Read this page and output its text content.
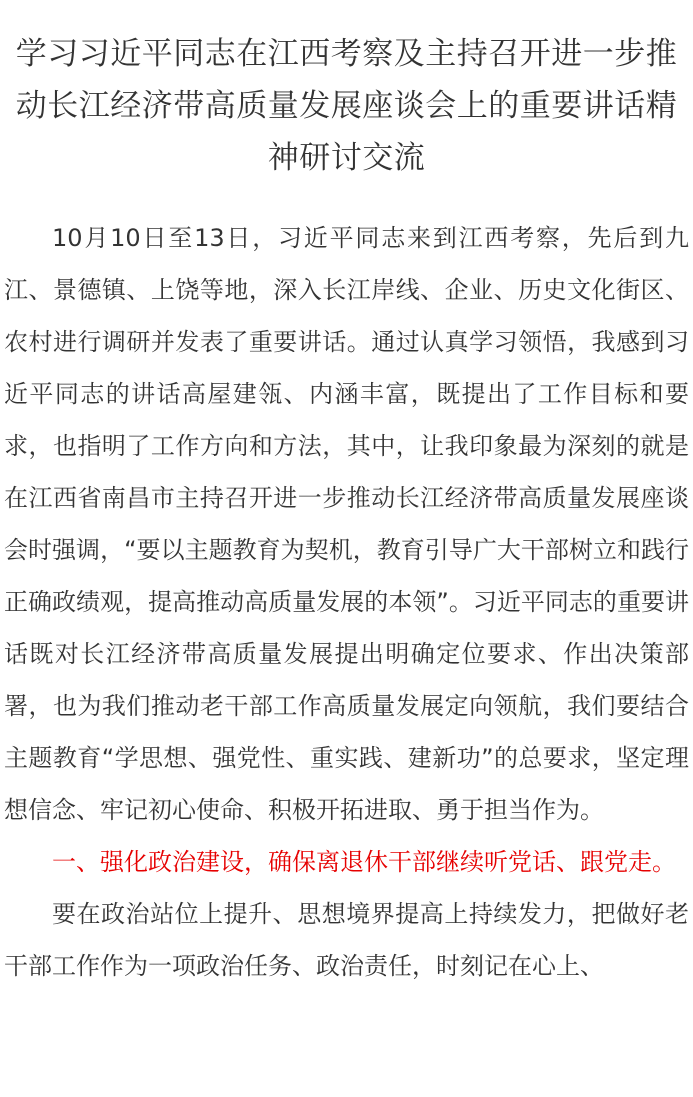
学习习近平同志在江西考察及主持召开进一步推动长江经济带高质量发展座谈会上的重要讲话精神研讨交流

10月10日至13日，习近平同志来到江西考察，先后到九江、景德镇、上饶等地，深入长江岸线、企业、历史文化街区、农村进行调研并发表了重要讲话。通过认真学习领悟，我感到习近平同志的讲话高屋建瓴、内涵丰富，既提出了工作目标和要求，也指明了工作方向和方法，其中，让我印象最为深刻的就是在江西省南昌市主持召开进一步推动长江经济带高质量发展座谈会时强调，“要以主题教育为契机，教育引导广大干部树立和践行正确政绩观，提高推动高质量发展的本领”。习近平同志的重要讲话既对长江经济带高质量发展提出明确定位要求、作出决策部署，也为我们推动老干部工作高质量发展定向领航，我们要结合主题教育“学思想、强党性、重实践、建新功”的总要求，坚定理想信念、牢记初心使命、积极开拓进取、勇于担当作为。

一、强化政治建设，确保离退休干部继续听党话、跟党走。

要在政治站位上提升、思想境界提高上持续发力，把做好老干部工作作为一项政治任务、政治责任，时刻记在心上、
